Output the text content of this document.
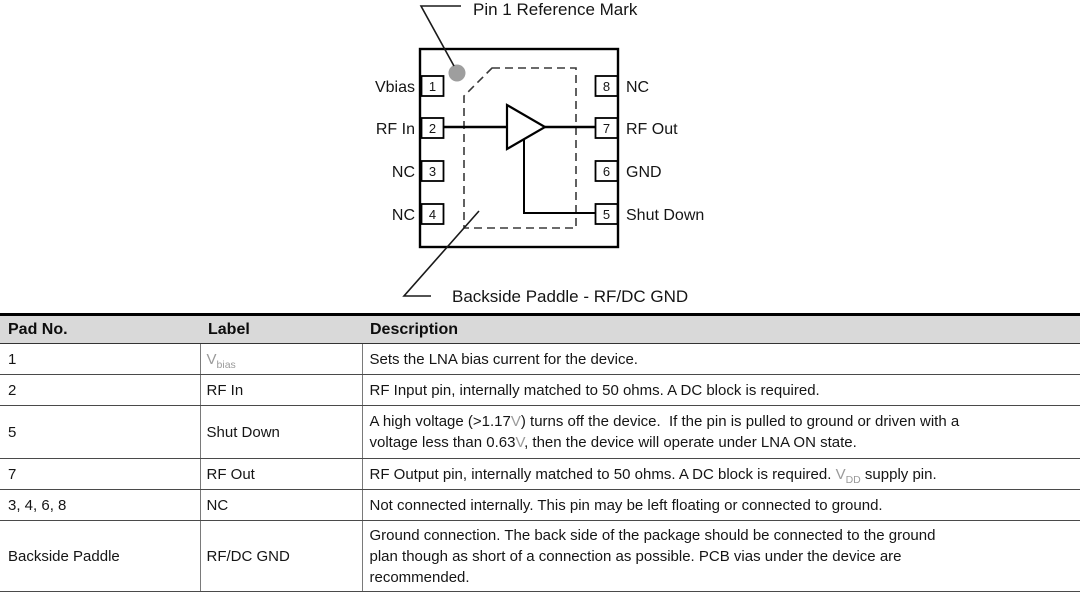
Pin 1 Reference Mark
Backside Paddle - RF/DC GND
Vbias
RF In
NC
NC
NC
RF Out
GND
Shut Down
1
2
3
4
8
7
6
5
Pad No.	Label	Description
1	$V_{bias}$	Sets the LNA bias current for the device.

2	RF In	RF Input pin, internally matched to 50 ohms. A DC block is required.

5	Shut Down	A high voltage (>1.17V) turns off the device.  If the pin is pulled to ground or driven with a
voltage less than 0.63V, then the device will operate under LNA ON state.

7	RF Out	RF Output pin, internally matched to 50 ohms. A DC block is required. $V_{DD}$ supply pin.

3, 4, 6, 8	NC	Not connected internally. This pin may be left floating or connected to ground.

Backside Paddle	RF/DC GND	Ground connection. The back side of the package should be connected to the ground
plan though as short of a connection as possible. PCB vias under the device are
recommended.
